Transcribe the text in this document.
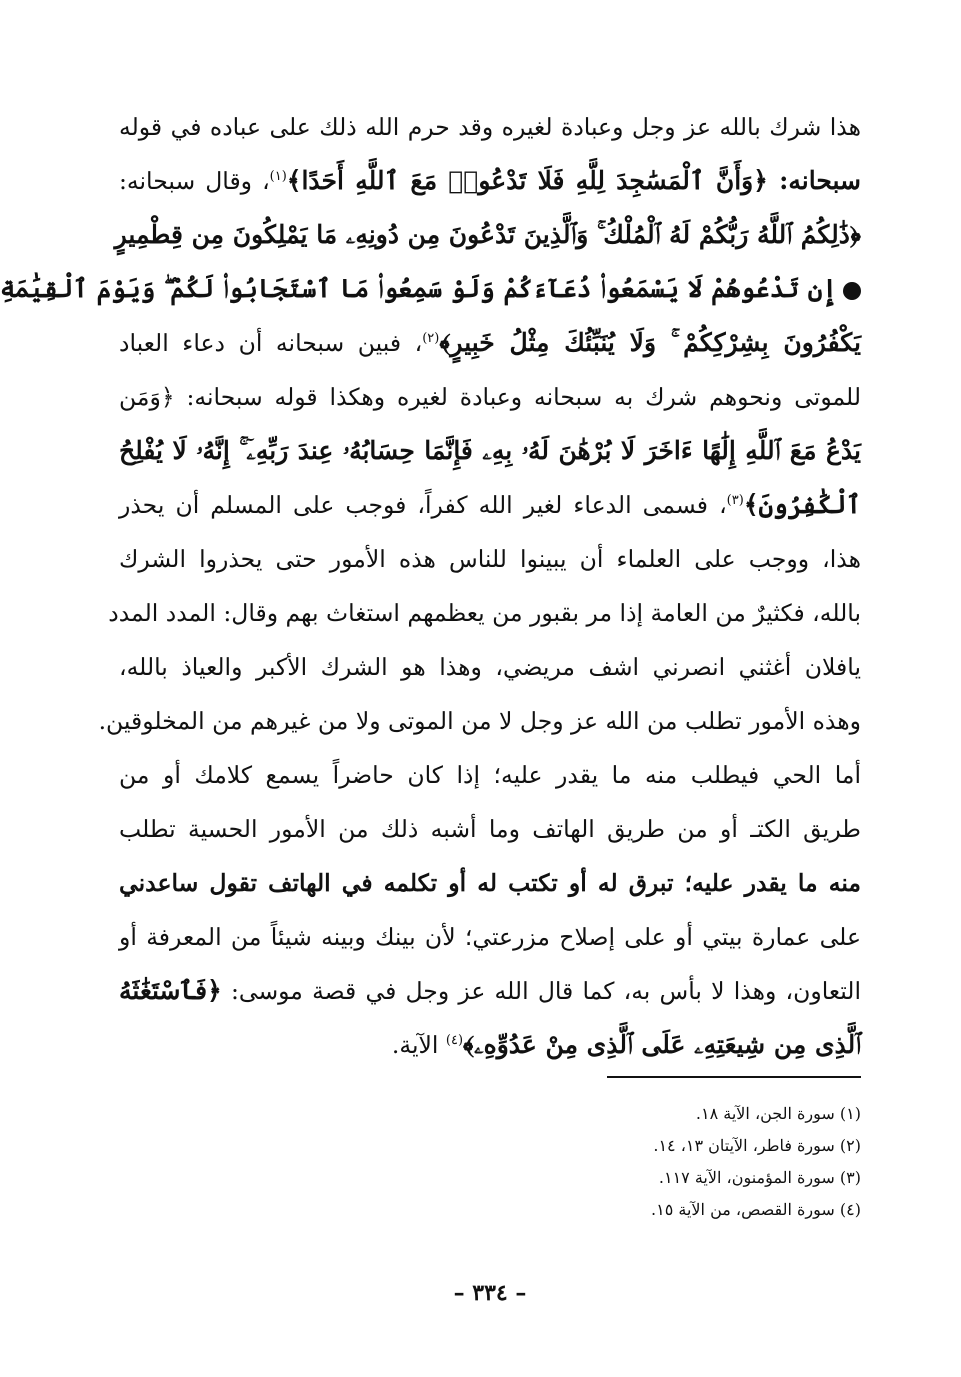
هذا شرك بالله عز وجل وعبادة لغيره وقد حرم الله ذلك على عباده في قوله
سبحانه: ﴿وَأَنَّ ٱلْمَسَٰجِدَ لِلَّهِ فَلَا تَدْعُوا۟ مَعَ ٱللَّهِ أَحَدًا﴾$^{(١)}$، وقال سبحانه:
﴿ذَٰلِكُمُ ٱللَّهُ رَبُّكُمْ لَهُ ٱلْمُلْكُ ۚ وَٱلَّذِينَ تَدْعُونَ مِن دُونِهِۦ مَا يَمْلِكُونَ مِن قِطْمِيرٍ
إِن تَدْعُوهُمْ لَا يَسْمَعُوا۟ دُعَآءَكُمْ وَلَوْ سَمِعُوا۟ مَا ٱسْتَجَابُوا۟ لَكُمْ ۖ وَيَوْمَ ٱلْقِيَٰمَةِ
يَكْفُرُونَ بِشِرْكِكُمْ ۚ وَلَا يُنَبِّئُكَ مِثْلُ خَبِيرٍ﴾$^{(٢)}$، فبين سبحانه أن دعاء العباد
للموتى ونحوهم شرك به سبحانه وعبادة لغيره وهكذا قوله سبحانه: ﴿وَمَن
يَدْعُ مَعَ ٱللَّهِ إِلَٰهًا ءَاخَرَ لَا بُرْهَٰنَ لَهُۥ بِهِۦ فَإِنَّمَا حِسَابُهُۥ عِندَ رَبِّهِۦٓ ۚ إِنَّهُۥ لَا يُفْلِحُ
ٱلْكَٰفِرُونَ﴾$^{(٣)}$، فسمى الدعاء لغير الله كفراً، فوجب على المسلم أن يحذر
هذا، ووجب على العلماء أن يبينوا للناس هذه الأمور حتى يحذروا الشرك
بالله، فكثيرٌ من العامة إذا مر بقبور من يعظمهم استغاث بهم وقال: المدد المدد
يافلان أغثني انصرني اشف مريضي، وهذا هو الشرك الأكبر والعياذ بالله،
وهذه الأمور تطلب من الله عز وجل لا من الموتى ولا من غيرهم من المخلوقين.
أما الحي فيطلب منه ما يقدر عليه؛ إذا كان حاضراً يسمع كلامك أو من
طريق الكتـ أو من طريق الهاتف وما أشبه ذلك من الأمور الحسية تطلب
منه ما يقدر عليه؛ تبرق له أو تكتب له أو تكلمه في الهاتف تقول ساعدني
على عمارة بيتي أو على إصلاح مزرعتي؛ لأن بينك وبينه شيئاً من المعرفة أو
التعاون، وهذا لا بأس به، كما قال الله عز وجل في قصة موسى: ﴿فَٱسْتَغَٰثَهُ
ٱلَّذِى مِن شِيعَتِهِۦ عَلَى ٱلَّذِى مِنْ عَدُوِّهِۦ﴾$^{(٤)}$ الآية.
(١) سورة الجن، الآية ١٨.
(٢) سورة فاطر، الآيتان ١٣، ١٤.
(٣) سورة المؤمنون، الآية ١١٧.
(٤) سورة القصص، من الآية ١٥.
– ٣٣٤ –
